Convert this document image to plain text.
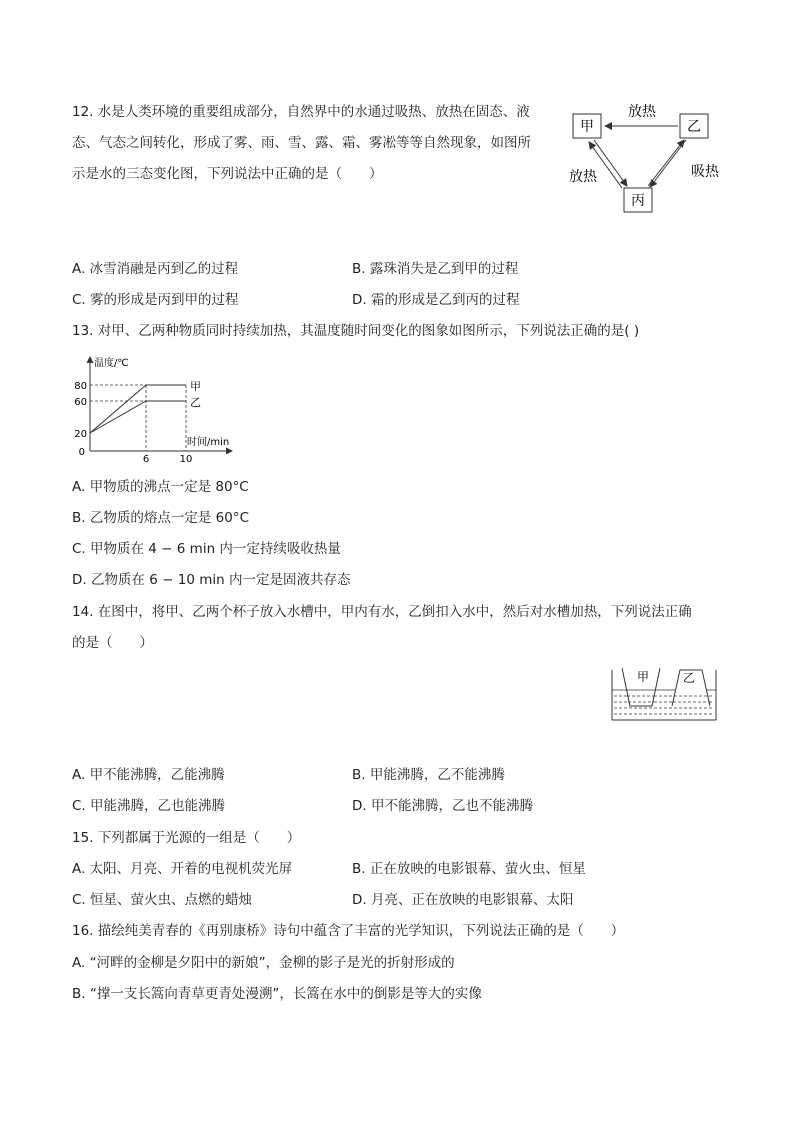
12. 水是人类环境的重要组成部分，自然界中的水通过吸热、放热在固态、液
态、气态之间转化，形成了雾、雨、雪、露、霜、雾凇等等自然现象，如图所
示是水的三态变化图，下列说法中正确的是（　　）
甲	乙
丙
放热
放热	吸热
A. 冰雪消融是丙到乙的过程	B. 露珠消失是乙到甲的过程
C. 雾的形成是丙到甲的过程	D. 霜的形成是乙到丙的过程
13. 对甲、乙两种物质同时持续加热，其温度随时间变化的图象如图所示，下列说法正确的是( )
温度/℃
时间/min
0
20
60
80
6	10
甲
乙
A. 甲物质的沸点一定是 80°C
B. 乙物质的熔点一定是 60°C
C. 甲物质在 4 − 6 min 内一定持续吸收热量
D. 乙物质在 6 − 10 min 内一定是固液共存态
14. 在图中，将甲、乙两个杯子放入水槽中，甲内有水，乙倒扣入水中，然后对水槽加热，下列说法正确
的是（　　）
甲	乙
A. 甲不能沸腾，乙能沸腾	B. 甲能沸腾，乙不能沸腾
C. 甲能沸腾，乙也能沸腾	D. 甲不能沸腾，乙也不能沸腾
15. 下列都属于光源的一组是（　　）
A. 太阳、月亮、开着的电视机荧光屏	B. 正在放映的电影银幕、萤火虫、恒星
C. 恒星、萤火虫、点燃的蜡烛	D. 月亮、正在放映的电影银幕、太阳
16. 描绘纯美青春的《再别康桥》诗句中蕴含了丰富的光学知识，下列说法正确的是（　　）
A. “河畔的金柳是夕阳中的新娘”，金柳的影子是光的折射形成的
B. “撑一支长篙向青草更青处漫溯”，长篙在水中的倒影是等大的实像
